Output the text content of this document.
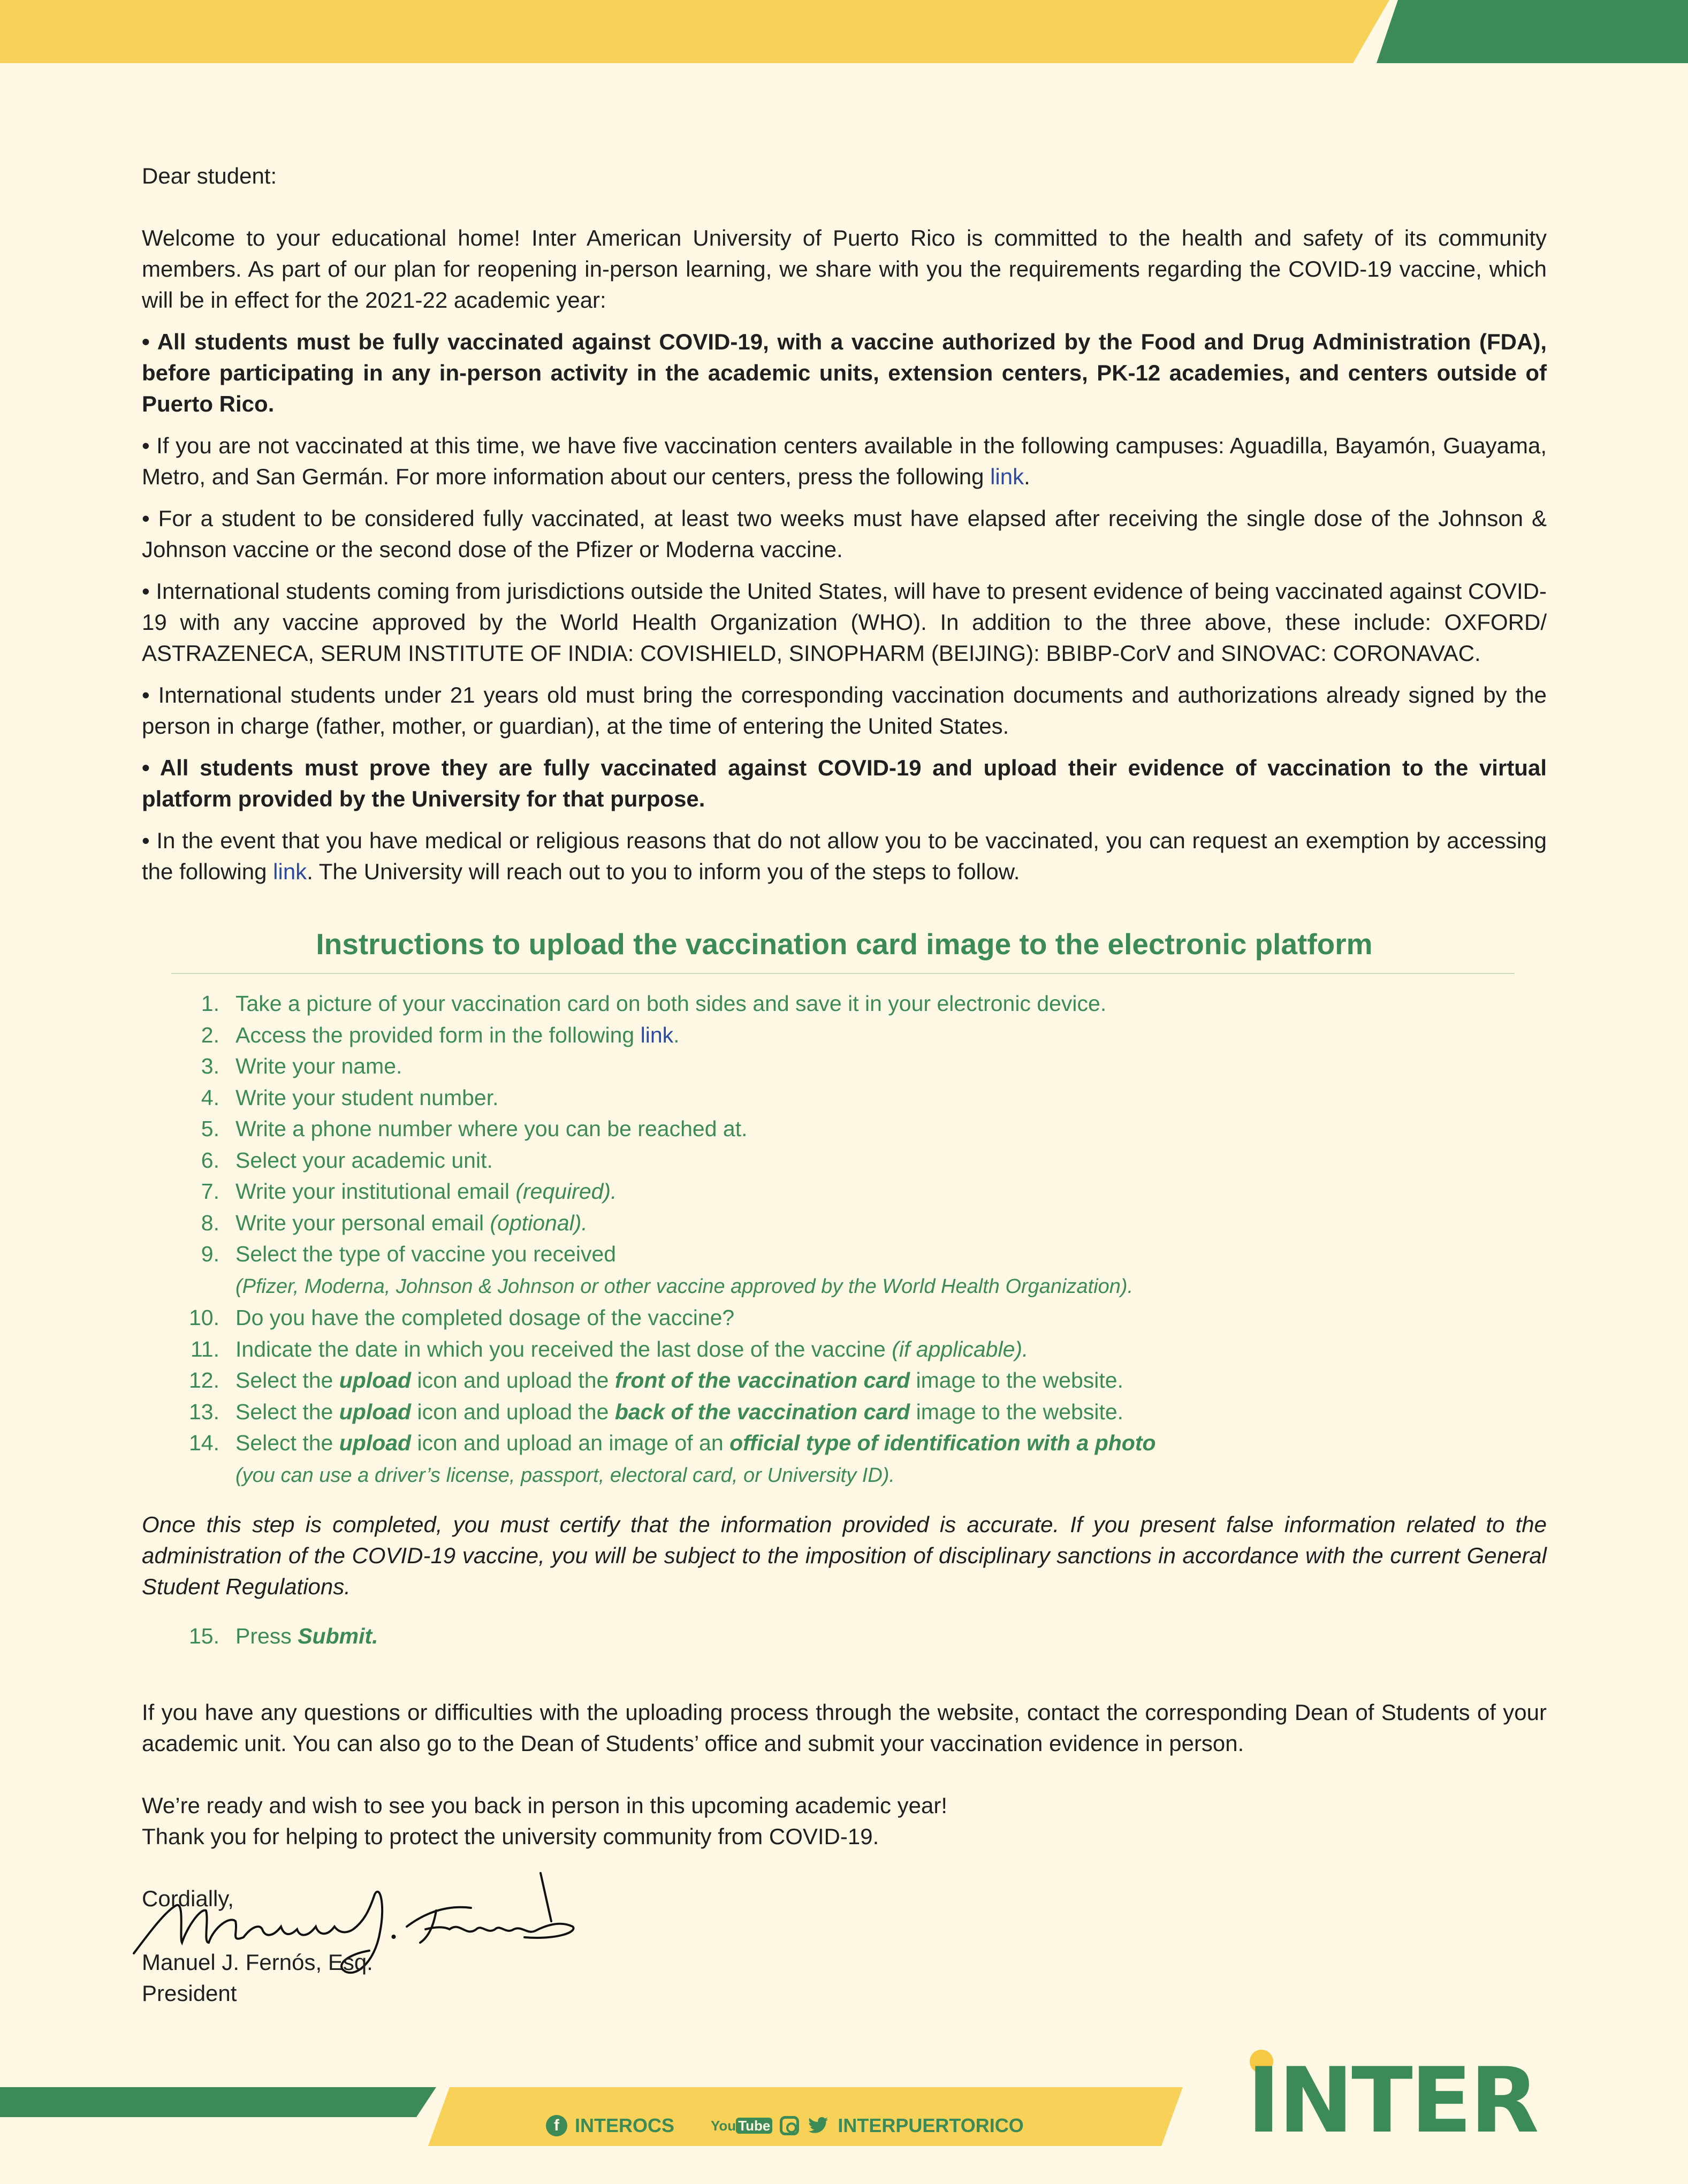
Dear student:

Welcome to your educational home! Inter American University of Puerto Rico is committed to the health and safety of its community members. As part of our plan for reopening in-person learning, we share with you the requirements regarding the COVID-19 vaccine, which will be in effect for the 2021-22 academic year:

• All students must be fully vaccinated against COVID-19, with a vaccine authorized by the Food and Drug Administration (FDA), before participating in any in-person activity in the academic units, extension centers, PK-12 academies, and centers outside of Puerto Rico.

• If you are not vaccinated at this time, we have five vaccination centers available in the following campuses: Aguadilla, Bayamón, Guayama, Metro, and San Germán. For more information about our centers, press the following link.

• For a student to be considered fully vaccinated, at least two weeks must have elapsed after receiving the single dose of the Johnson & Johnson vaccine or the second dose of the Pfizer or Moderna vaccine.

• International students coming from jurisdictions outside the United States, will have to present evidence of being vaccinated against COVID-19 with any vaccine approved by the World Health Organization (WHO). In addition to the three above, these include: OXFORD/ ASTRAZENECA, SERUM INSTITUTE OF INDIA: COVISHIELD, SINOPHARM (BEIJING): BBIBP-CorV and SINOVAC: CORONAVAC.

• International students under 21 years old must bring the corresponding vaccination documents and authorizations already signed by the person in charge (father, mother, or guardian), at the time of entering the United States.

• All students must prove they are fully vaccinated against COVID-19 and upload their evidence of vaccination to the virtual platform provided by the University for that purpose.

• In the event that you have medical or religious reasons that do not allow you to be vaccinated, you can request an exemption by accessing the following link. The University will reach out to you to inform you of the steps to follow.

Instructions to upload the vaccination card image to the electronic platform

1. Take a picture of your vaccination card on both sides and save it in your electronic device.
2. Access the provided form in the following link.
3. Write your name.
4. Write your student number.
5. Write a phone number where you can be reached at.
6. Select your academic unit.
7. Write your institutional email (required).
8. Write your personal email (optional).
9. Select the type of vaccine you received
(Pfizer, Moderna, Johnson & Johnson or other vaccine approved by the World Health Organization).
10. Do you have the completed dosage of the vaccine?
11. Indicate the date in which you received the last dose of the vaccine (if applicable).
12. Select the upload icon and upload the front of the vaccination card image to the website.
13. Select the upload icon and upload the back of the vaccination card image to the website.
14. Select the upload icon and upload an image of an official type of identification with a photo
(you can use a driver’s license, passport, electoral card, or University ID).

Once this step is completed, you must certify that the information provided is accurate. If you present false information related to the administration of the COVID-19 vaccine, you will be subject to the imposition of disciplinary sanctions in accordance with the current General Student Regulations.

15. Press Submit.

If you have any questions or difficulties with the uploading process through the website, contact the corresponding Dean of Students of your academic unit. You can also go to the Dean of Students’ office and submit your vaccination evidence in person.

We’re ready and wish to see you back in person in this upcoming academic year!

Thank you for helping to protect the university community from COVID-19.

Cordially,

Manuel J. Fernós, Esq.
President
f INTEROCS	You Tube	INTERPUERTORICO INTER
